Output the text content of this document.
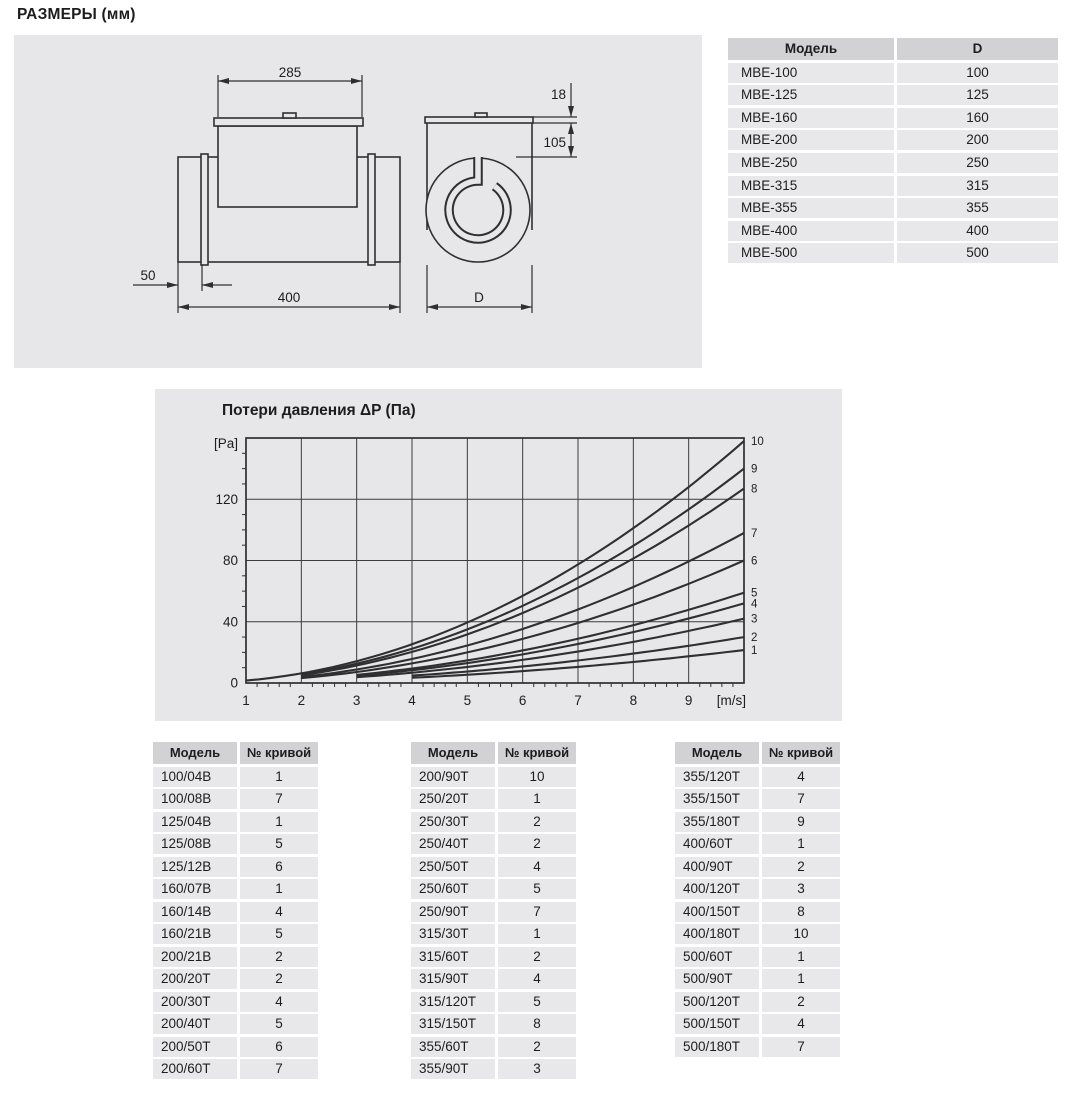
РАЗМЕРЫ (мм)
285
50
400	D
18
105
Модель	D
MBE-100	100
MBE-125	125
MBE-160	160
MBE-200	200
MBE-250	250
MBE-315	315
MBE-355	355
MBE-400	400
MBE-500	500
Потери давления ΔP (Па)
1	2	3	4	5	6	7	8	9 [m/s]
0
40
80
120
[Pa]
1
2
3
4
5
6
7
8
9
10
Модель	№ кривой
100/04B	1
100/08B	7
125/04B	1
125/08B	5
125/12B	6
160/07B	1
160/14B	4
160/21B	5
200/21B	2
200/20T	2
200/30T	4
200/40T	5
200/50T	6
200/60T	7
Модель	№ кривой
200/90T	10
250/20T	1
250/30T	2
250/40T	2
250/50T	4
250/60T	5
250/90T	7
315/30T	1
315/60T	2
315/90T	4
315/120T	5
315/150T	8
355/60T	2
355/90T	3
Модель	№ кривой
355/120T	4
355/150T	7
355/180T	9
400/60T	1
400/90T	2
400/120T	3
400/150T	8
400/180T	10
500/60T	1
500/90T	1
500/120T	2
500/150T	4
500/180T	7
